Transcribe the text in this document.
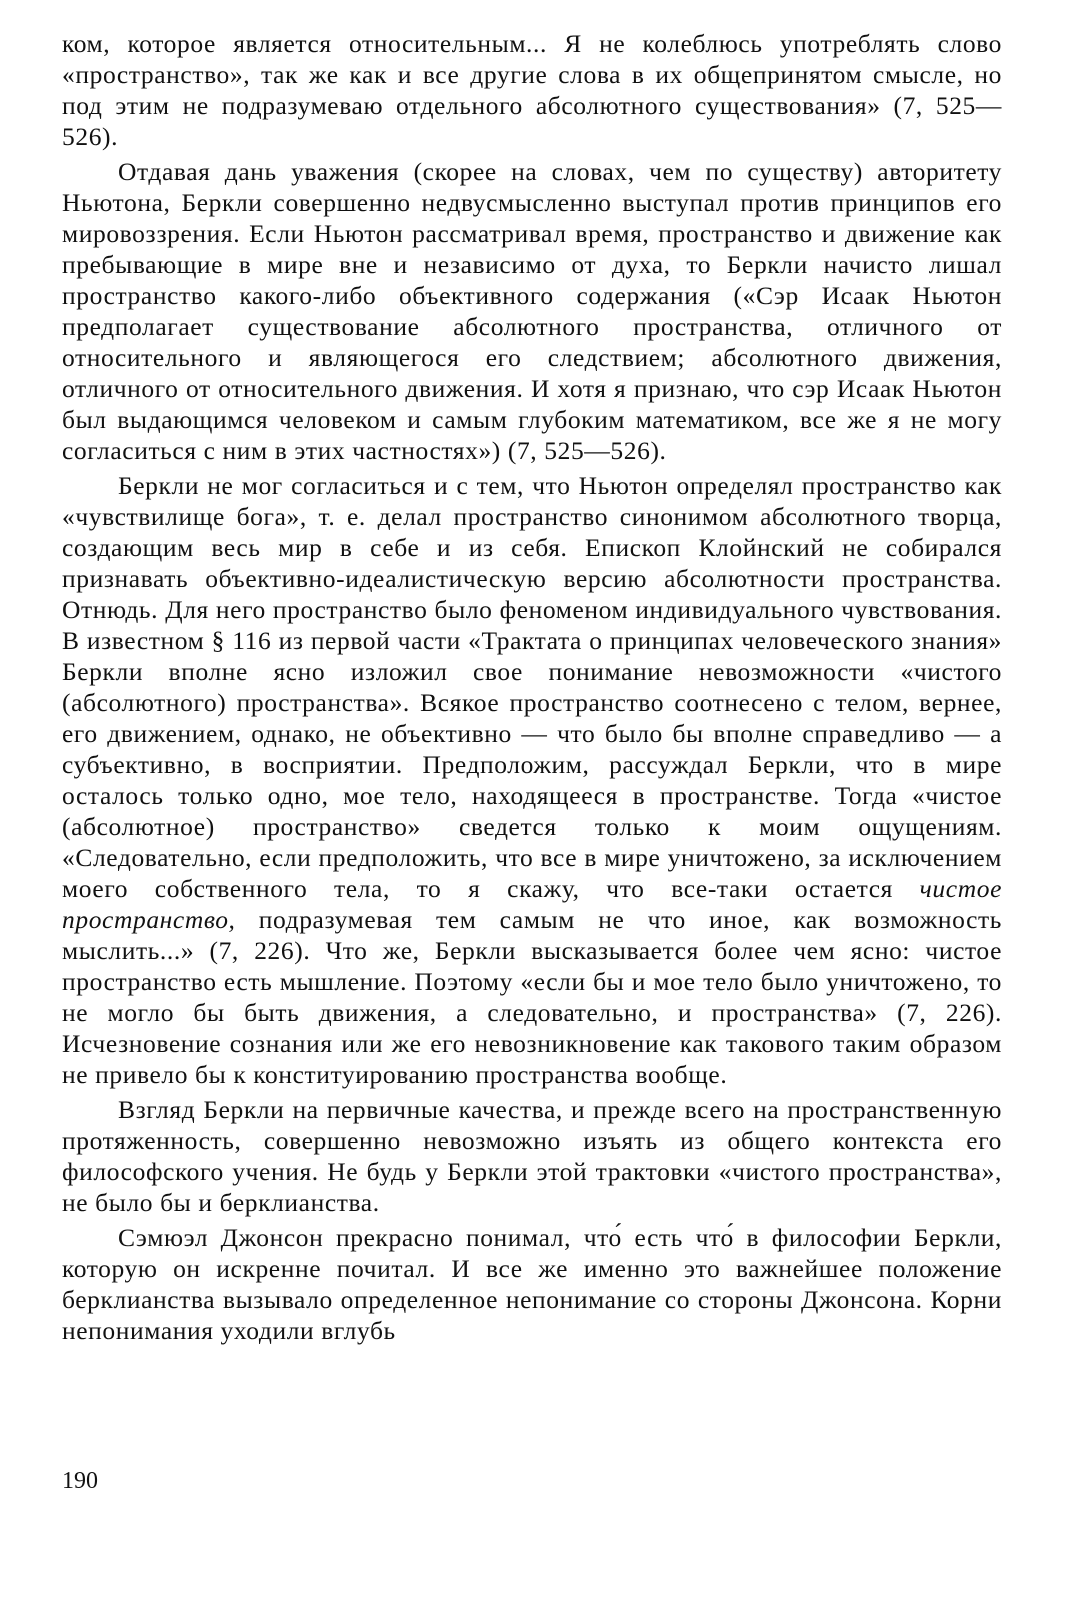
ком, которое является относительным... Я не колеблюсь употреблять слово «пространство», так же как и все другие слова в их общепринятом смысле, но под этим не подразумеваю отдельного абсолютного существования» (7, 525—526).

Отдавая дань уважения (скорее на словах, чем по существу) авторитету Ньютона, Беркли совершенно недвусмысленно выступал против принципов его мировоззрения. Если Ньютон рассматривал время, пространство и движение как пребывающие в мире вне и независимо от духа, то Беркли начисто лишал пространство какого-либо объективного содержания («Сэр Исаак Ньютон предполагает существование абсолютного пространства, отличного от относительного и являющегося его следствием; абсолютного движения, отличного от относительного движения. И хотя я признаю, что сэр Исаак Ньютон был выдающимся человеком и самым глубоким математиком, все же я не могу согласиться с ним в этих частностях») (7, 525—526).

Беркли не мог согласиться и с тем, что Ньютон определял пространство как «чувствилище бога», т. е. делал пространство синонимом абсолютного творца, создающим весь мир в себе и из себя. Епископ Клойнский не собирался признавать объективно-идеалистическую версию абсолютности пространства. Отнюдь. Для него пространство было феноменом индивидуального чувствования. В известном § 116 из первой части «Трактата о принципах человеческого знания» Беркли вполне ясно изложил свое понимание невозможности «чистого (абсолютного) пространства». Всякое пространство соотнесено с телом, вернее, его движением, однако, не объективно — что было бы вполне справедливо — а субъективно, в восприятии. Предположим, рассуждал Беркли, что в мире осталось только одно, мое тело, находящееся в пространстве. Тогда «чистое (абсолютное) пространство» сведется только к моим ощущениям. «Следовательно, если предположить, что все в мире уничтожено, за исключением моего собственного тела, то я скажу, что все-таки остается чистое пространство, подразумевая тем самым не что иное, как возможность мыслить...» (7, 226). Что же, Беркли высказывается более чем ясно: чистое пространство есть мышление. Поэтому «если бы и мое тело было уничтожено, то не могло бы быть движения, а следовательно, и пространства» (7, 226). Исчезновение сознания или же его невозникновение как такового таким образом не привело бы к конституированию пространства вообще.

Взгляд Беркли на первичные качества, и прежде всего на пространственную протяженность, совершенно невозможно изъять из общего контекста его философского учения. Не будь у Беркли этой трактовки «чистого пространства», не было бы и берклианства.

Сэмюэл Джонсон прекрасно понимал, что́ есть что́ в философии Беркли, которую он искренне почитал. И все же именно это важнейшее положение берклианства вызывало определенное непонимание со стороны Джонсона. Корни непонимания уходили вглубь

190
